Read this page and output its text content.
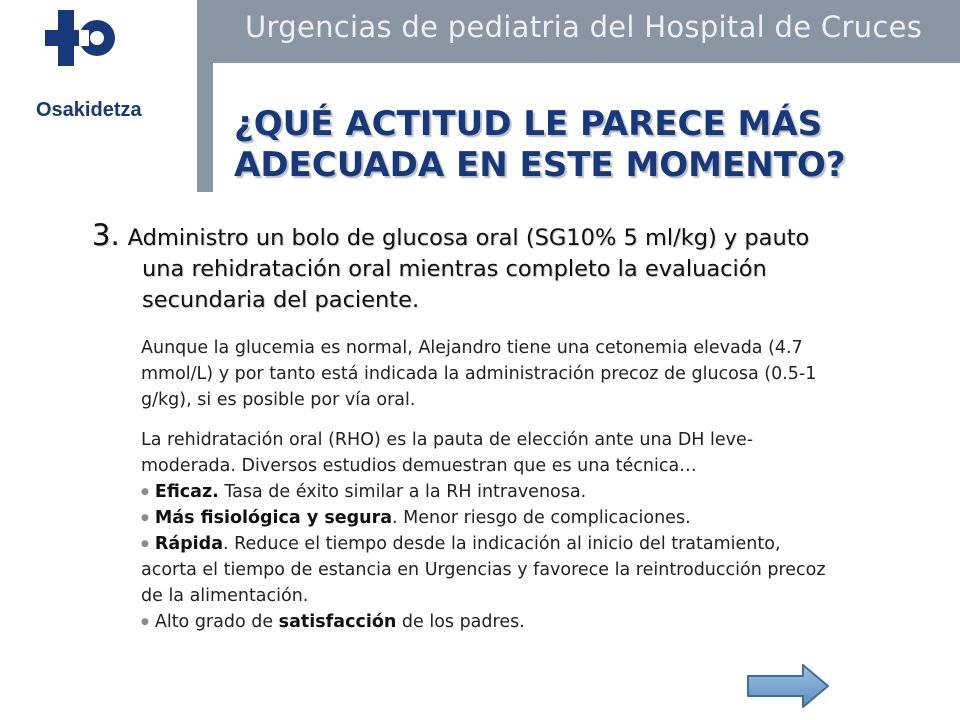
Urgencias de pediatria del Hospital de Cruces
Osakidetza	¿QUÉ ACTITUD LE PARECE MÁS
ADECUADA EN ESTE MOMENTO?
3. Administro un bolo de glucosa oral (SG10% 5 ml/kg) y pauto
una rehidratación oral mientras completo la evaluación
secundaria del paciente.

Aunque la glucemia es normal, Alejandro tiene una cetonemia elevada (4.7
mmol/L) y por tanto está indicada la administración precoz de glucosa (0.5-1
g/kg), si es posible por vía oral.

La rehidratación oral (RHO) es la pauta de elección ante una DH leve-
moderada. Diversos estudios demuestran que es una técnica…
● Eficaz. Tasa de éxito similar a la RH intravenosa.
● Más fisiológica y segura. Menor riesgo de complicaciones.
● Rápida. Reduce el tiempo desde la indicación al inicio del tratamiento,
acorta el tiempo de estancia en Urgencias y favorece la reintroducción precoz
de la alimentación.
● Alto grado de satisfacción de los padres.
